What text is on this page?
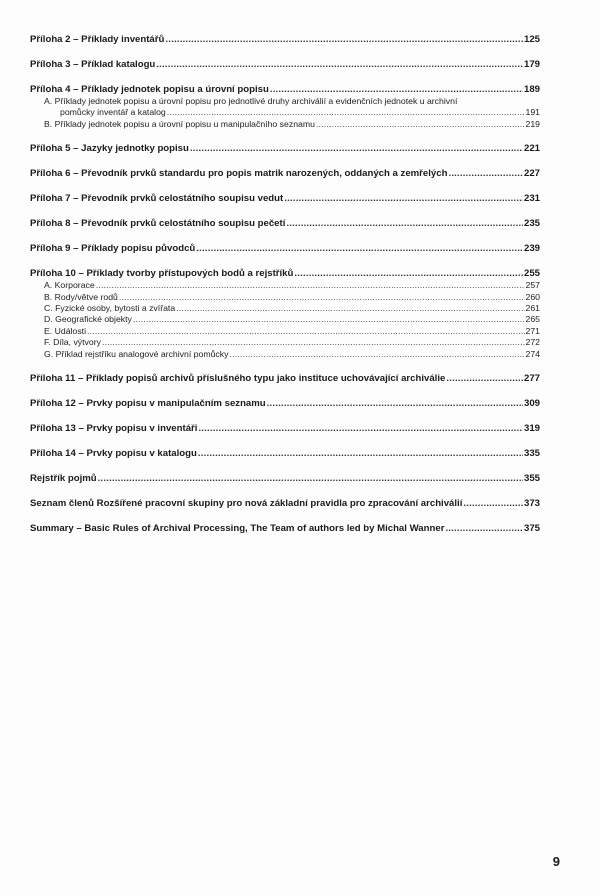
Příloha 2 – Příklady inventářů .....	125
Příloha 3 – Příklad katalogu .....	179
Příloha 4 – Příklady jednotek popisu a úrovní popisu .....	189
A. Příklady jednotek popisu a úrovní popisu pro jednotlivé druhy archiválií a evidenčních jednotek u archivní
pomůcky inventář a katalog .....	191
B. Příklady jednotek popisu a úrovní popisu u manipulačního seznamu .....	219
Příloha 5 – Jazyky jednotky popisu .....	221
Příloha 6 – Převodník prvků standardu pro popis matrik narozených, oddaných a zemřelých .....	227
Příloha 7 – Převodník prvků celostátního soupisu vedut .....	231
Příloha 8 – Převodník prvků celostátního soupisu pečetí .....	235
Příloha 9 – Příklady popisu původců .....	239
Příloha 10 – Příklady tvorby přístupových bodů a rejstříků .....	255
A. Korporace .....	257
B. Rody/větve rodů .....	260
C. Fyzické osoby, bytosti a zvířata .....	261
D. Geografické objekty .....	265
E. Události .....	271
F. Díla, výtvory .....	272
G. Příklad rejstříku analogové archivní pomůcky .....	274
Příloha 11 – Příklady popisů archivů příslušného typu jako instituce uchovávající archiválie .....	277
Příloha 12 – Prvky popisu v manipulačním seznamu .....	309
Příloha 13 – Prvky popisu v inventáři .....	319
Příloha 14 – Prvky popisu v katalogu .....	335
Rejstřík pojmů .....	355
Seznam členů Rozšířené pracovní skupiny pro nová základní pravidla pro zpracování archiválií .....	373
Summary – Basic Rules of Archival Processing, The Team of authors led by Michal Wanner .....	375
9
